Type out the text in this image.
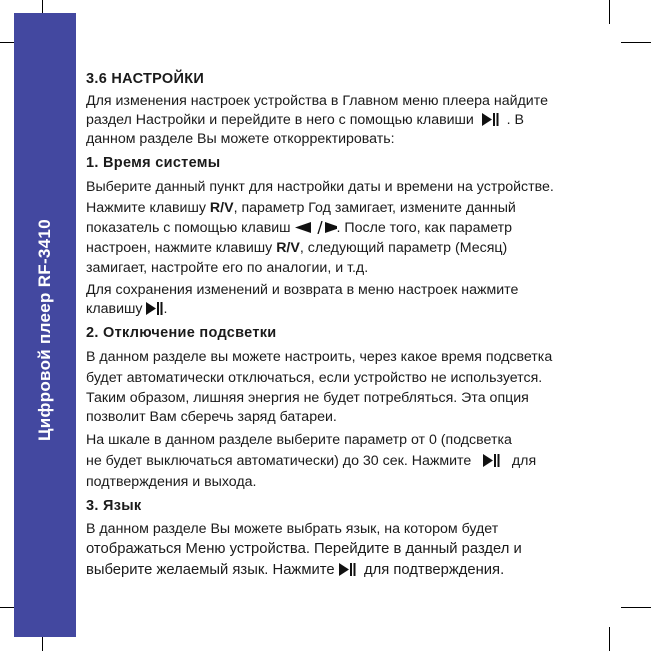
Цифровой плеер RF-3410
3.6 НАСТРОЙКИ
Для изменения настроек устройства в Главном меню плеера найдите
раздел Настройки и перейдите в него с помощью клавиши . В
данном разделе Вы можете откорректировать:
1. Время системы
Выберите данный пункт для настройки даты и времени на устройстве.
Нажмите клавишу R/V, параметр Год замигает, измените данный
показатель с помощью клавиш	. После того, как параметр
настроен, нажмите клавишу R/V, следующий параметр (Месяц)
замигает, настройте его по аналогии, и т.д.
Для сохранения изменений и возврата в меню настроек нажмите
клавишу .
2. Отключение подсветки
В данном разделе вы можете настроить, через какое время подсветка
будет автоматически отключаться, если устройство не используется.
Таким образом, лишняя энергия не будет потребляться. Эта опция
позволит Вам сберечь заряд батареи.
На шкале в данном разделе выберите параметр от 0 (подсветка
не будет выключаться автоматически) до 30 сек. Нажмите	для
подтверждения и выхода.
3. Язык
В данном разделе Вы можете выбрать язык, на котором будет
отображаться Меню устройства. Перейдите в данный раздел и
выберите желаемый язык. Нажмите для подтверждения.
